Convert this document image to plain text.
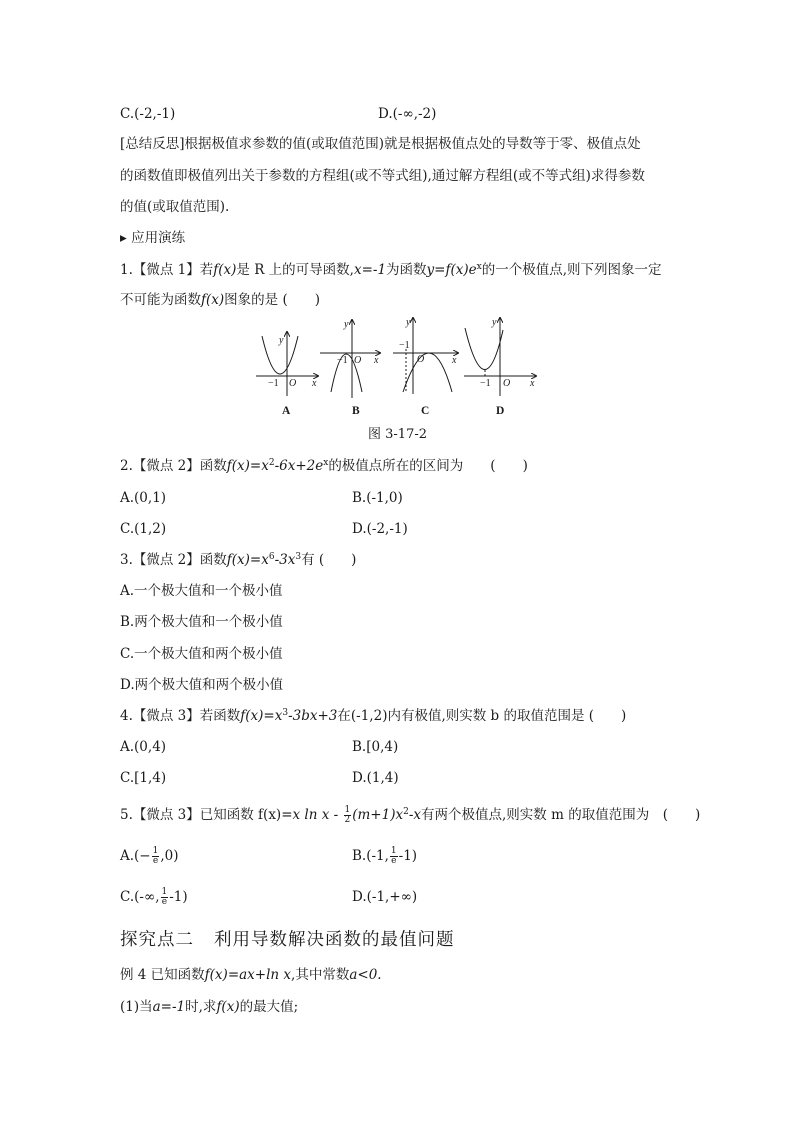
C.(-2,-1)	D.(-∞,-2)
[总结反思]根据极值求参数的值(或取值范围)就是根据极值点处的导数等于零、极值点处
的函数值即极值列出关于参数的方程组(或不等式组),通过解方程组(或不等式组)求得参数
的值(或取值范围).
▸ 应用演练
1.【微点 1】若f(x)是 R 上的可导函数,x=-1为函数$y=f(x)e^x$的一个极值点,则下列图象一定
不可能为函数f(x)图象的是 (　　)
y
x
O
−1
y
x
O
−1
y
x
O
−1
y
x
O
−1
A	B	C	D
图 3-17-2
2.【微点 2】函数$f(x)=x^2-6x+2e^x$的极值点所在的区间为　　(　　)
A.(0,1)	B.(-1,0)
C.(1,2)	D.(-2,-1)
3.【微点 2】函数$f(x)=x^6-3x^3$有 (　　)
A.一个极大值和一个极小值
B.两个极大值和一个极小值
C.一个极大值和两个极小值
D.两个极大值和两个极小值
4.【微点 3】若函数$f(x)=x^3-3bx+3$在(-1,2)内有极值,则实数 b 的取值范围是 (　　)
A.(0,4)	B.[0,4)
C.[1,4)	D.(1,4)
5.【微点 3】已知函数 f(x)=x $\ln x - \frac{1}{2} (m+1)x^2-x$有两个极值点,则实数 m 的取值范围为　(　　)
$A.(- \frac{1}{e} ,0)$	B.(-1, $\frac{1}{e} -1$)
C.(-∞, $\frac{1}{e} -1$)	D.(-1,+∞)
探究点二 利用导数解决函数的最值问题
例 4 已知函数f(x)=ax+ln x,其中常数a<0.
(1)当a=-1时,求f(x)的最大值;
